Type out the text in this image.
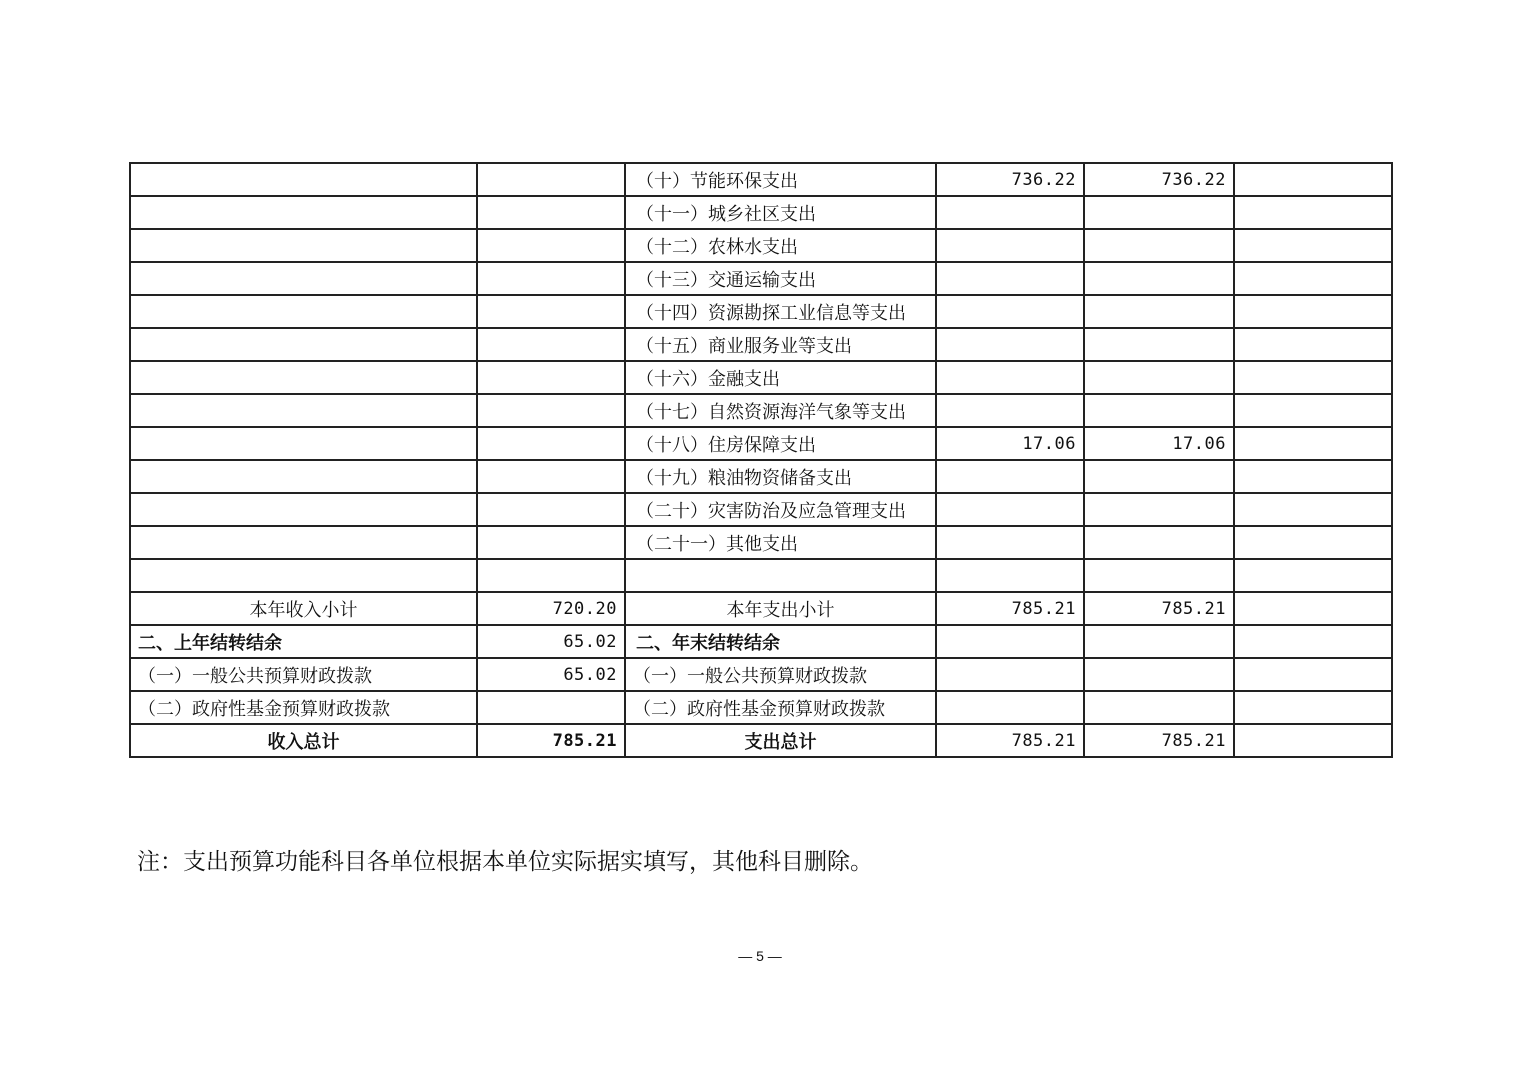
		（十）节能环保支出	736.22	736.22	
		（十一）城乡社区支出			
		（十二）农林水支出			
		（十三）交通运输支出			
		（十四）资源勘探工业信息等支出			
		（十五）商业服务业等支出			
		（十六）金融支出			
		（十七）自然资源海洋气象等支出			
		（十八）住房保障支出	17.06	17.06	
		（十九）粮油物资储备支出			
		（二十）灾害防治及应急管理支出			
		（二十一）其他支出			

本年收入小计	720.20	本年支出小计	785.21	785.21	
二、上年结转结余	65.02	二、年末结转结余			
（一）一般公共预算财政拨款	65.02	（一）一般公共预算财政拨款			
（二）政府性基金预算财政拨款		（二）政府性基金预算财政拨款			
收入总计	785.21	支出总计	785.21	785.21	
注：支出预算功能科目各单位根据本单位实际据实填写，其他科目删除。
— 5 —
